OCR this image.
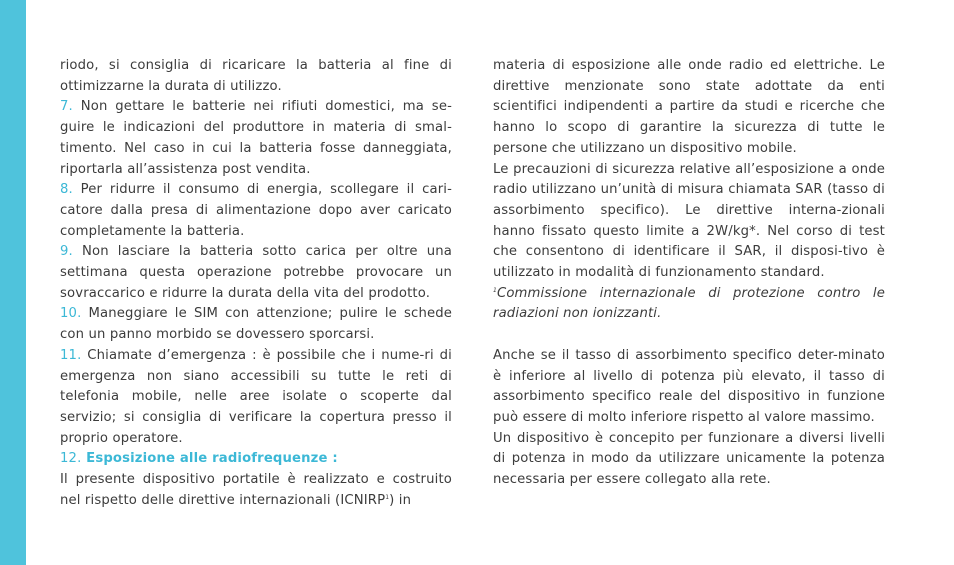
riodo, si consiglia di ricaricare la batteria al fine di ottimizzarne la durata di utilizzo.
7. Non gettare le batterie nei rifiuti domestici, ma se-guire le indicazioni del produttore in materia di smal-timento. Nel caso in cui la batteria fosse danneggiata, riportarla all’assistenza post vendita.
8. Per ridurre il consumo di energia, scollegare il cari-catore dalla presa di alimentazione dopo aver caricato completamente la batteria.
9. Non lasciare la batteria sotto carica per oltre una settimana questa operazione potrebbe provocare un sovraccarico e ridurre la durata della vita del prodotto.
10. Maneggiare le SIM con attenzione; pulire le schede con un panno morbido se dovessero sporcarsi.
11. Chiamate d’emergenza : è possibile che i nume-ri di emergenza non siano accessibili su tutte le reti di telefonia mobile, nelle aree isolate o scoperte dal servizio; si consiglia di verificare la copertura presso il proprio operatore.
12. Esposizione alle radiofrequenze :
Il presente dispositivo portatile è realizzato e costruito nel rispetto delle direttive internazionali (ICNIRP$^1$) in
materia di esposizione alle onde radio ed elettriche. Le direttive menzionate sono state adottate da enti scientifici indipendenti a partire da studi e ricerche che hanno lo scopo di garantire la sicurezza di tutte le persone che utilizzano un dispositivo mobile.
Le precauzioni di sicurezza relative all’esposizione a onde radio utilizzano un’unità di misura chiamata SAR (tasso di assorbimento specifico). Le direttive interna-zionali hanno fissato questo limite a 2W/kg*. Nel corso di test che consentono di identificare il SAR, il disposi-tivo è utilizzato in modalità di funzionamento standard.
$^1$Commissione internazionale di protezione contro le radiazioni non ionizzanti.
Anche se il tasso di assorbimento specifico deter-minato è inferiore al livello di potenza più elevato, il tasso di assorbimento specifico reale del dispositivo in funzione può essere di molto inferiore rispetto al valore massimo.
Un dispositivo è concepito per funzionare a diversi livelli di potenza in modo da utilizzare unicamente la potenza necessaria per essere collegato alla rete.
